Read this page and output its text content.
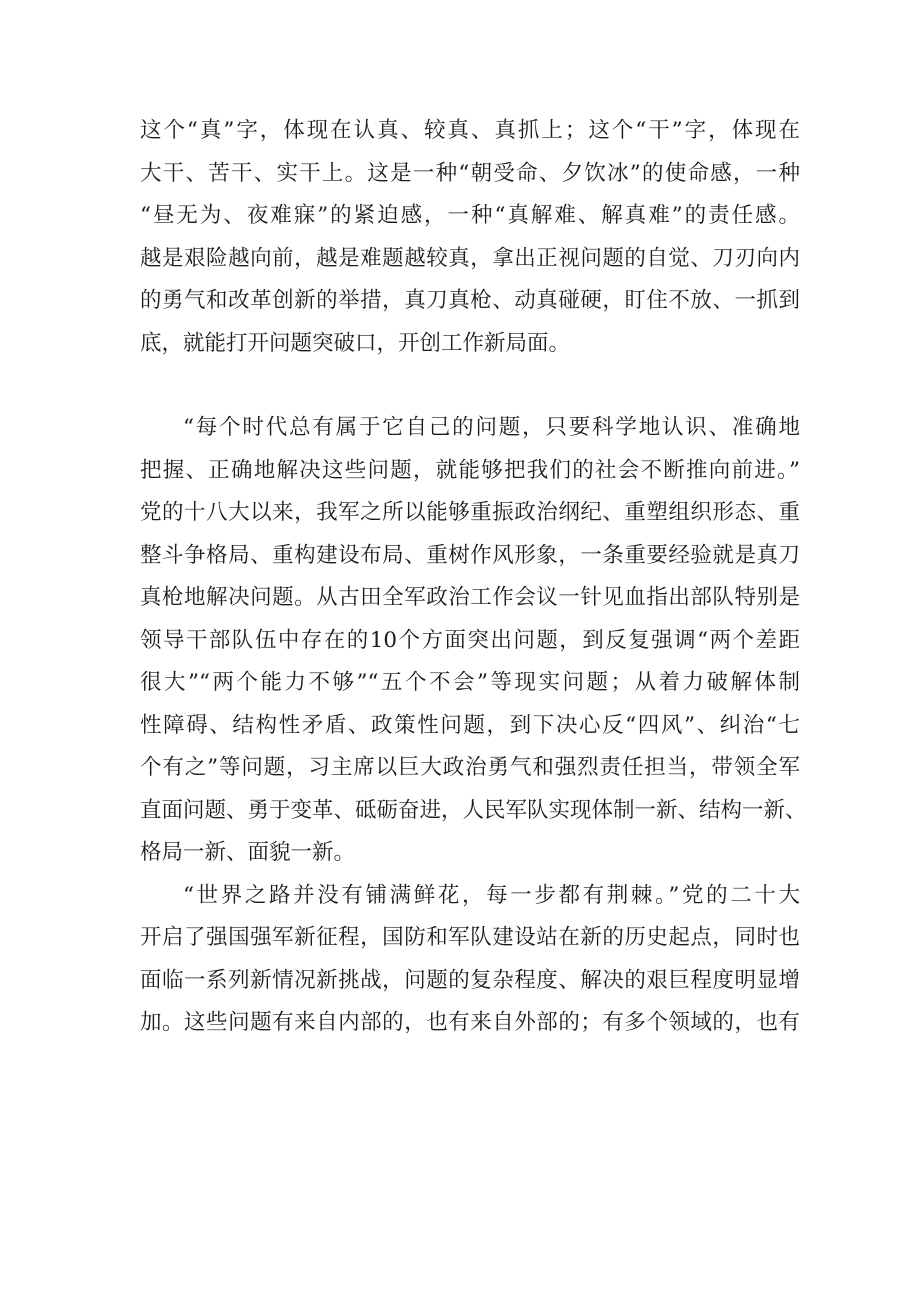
这个“真”字，体现在认真、较真、真抓上；这个“干”字，体现在
大干、苦干、实干上。这是一种“朝受命、夕饮冰”的使命感，一种
“昼无为、夜难寐”的紧迫感，一种“真解难、解真难”的责任感。
越是艰险越向前，越是难题越较真，拿出正视问题的自觉、刀刃向内
的勇气和改革创新的举措，真刀真枪、动真碰硬，盯住不放、一抓到
底，就能打开问题突破口，开创工作新局面。
“每个时代总有属于它自己的问题，只要科学地认识、准确地
把握、正确地解决这些问题，就能够把我们的社会不断推向前进。”
党的十八大以来，我军之所以能够重振政治纲纪、重塑组织形态、重
整斗争格局、重构建设布局、重树作风形象，一条重要经验就是真刀
真枪地解决问题。从古田全军政治工作会议一针见血指出部队特别是
领导干部队伍中存在的10个方面突出问题，到反复强调“两个差距
很大”“两个能力不够”“五个不会”等现实问题；从着力破解体制
性障碍、结构性矛盾、政策性问题，到下决心反“四风”、纠治“七
个有之”等问题，习主席以巨大政治勇气和强烈责任担当，带领全军
直面问题、勇于变革、砥砺奋进，人民军队实现体制一新、结构一新、
格局一新、面貌一新。
“世界之路并没有铺满鲜花，每一步都有荆棘。”党的二十大
开启了强国强军新征程，国防和军队建设站在新的历史起点，同时也
面临一系列新情况新挑战，问题的复杂程度、解决的艰巨程度明显增
加。这些问题有来自内部的，也有来自外部的；有多个领域的，也有
